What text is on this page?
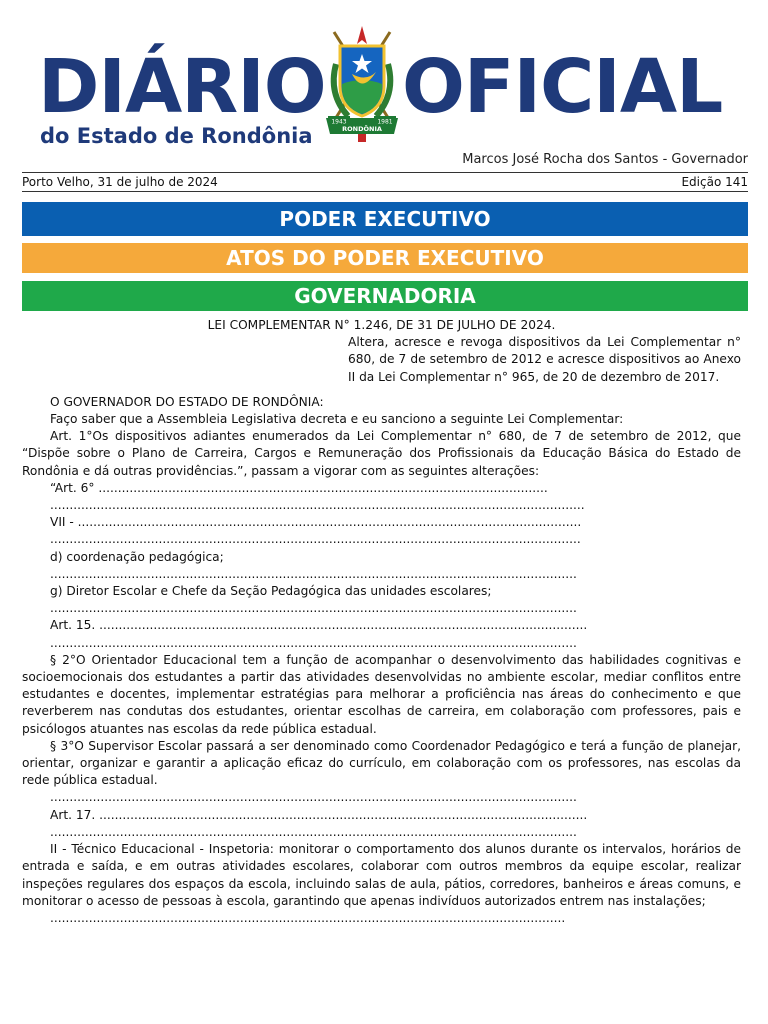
DIÁRIO OFICIAL
do Estado de Rondônia
1943	1981
RONDÔNIA
Marcos José Rocha dos Santos - Governador
Porto Velho, 31 de julho de 2024	Edição 141
PODER EXECUTIVO
ATOS DO PODER EXECUTIVO
GOVERNADORIA
LEI COMPLEMENTAR N° 1.246, DE 31 DE JULHO DE 2024.
Altera, acresce e revoga dispositivos da Lei Complementar n° 680, de 7 de setembro de 2012 e acresce dispositivos ao Anexo II da Lei Complementar n° 965, de 20 de dezembro de 2017.

O GOVERNADOR DO ESTADO DE RONDÔNIA:

Faço saber que a Assembleia Legislativa decreta e eu sanciono a seguinte Lei Complementar:

Art. 1°Os dispositivos adiantes enumerados da Lei Complementar n° 680, de 7 de setembro de 2012, que “Dispõe sobre o Plano de Carreira, Cargos e Remuneração dos Profissionais da Educação Básica do Estado de Rondônia e dá outras providências.”, passam a vigorar com as seguintes alterações:

“Art. 6° ....................................................................................................................
..........................................................................................................................................
VII - ..................................................................................................................................
.........................................................................................................................................
d) coordenação pedagógica;
........................................................................................................................................
g) Diretor Escolar e Chefe da Seção Pedagógica das unidades escolares;
........................................................................................................................................
Art. 15. ..............................................................................................................................
........................................................................................................................................

§ 2°O Orientador Educacional tem a função de acompanhar o desenvolvimento das habilidades cognitivas e socioemocionais dos estudantes a partir das atividades desenvolvidas no ambiente escolar, mediar conflitos entre estudantes e docentes, implementar estratégias para melhorar a proficiência nas áreas do conhecimento e que reverberem nas condutas dos estudantes, orientar escolhas de carreira, em colaboração com professores, pais e psicólogos atuantes nas escolas da rede pública estadual.

§ 3°O Supervisor Escolar passará a ser denominado como Coordenador Pedagógico e terá a função de planejar, orientar, organizar e garantir a aplicação eficaz do currículo, em colaboração com os professores, nas escolas da rede pública estadual.

........................................................................................................................................
Art. 17. ..............................................................................................................................
........................................................................................................................................

II - Técnico Educacional - Inspetoria: monitorar o comportamento dos alunos durante os intervalos, horários de entrada e saída, e em outras atividades escolares, colaborar com outros membros da equipe escolar, realizar inspeções regulares dos espaços da escola, incluindo salas de aula, pátios, corredores, banheiros e áreas comuns, e monitorar o acesso de pessoas à escola, garantindo que apenas indivíduos autorizados entrem nas instalações;

.....................................................................................................................................
